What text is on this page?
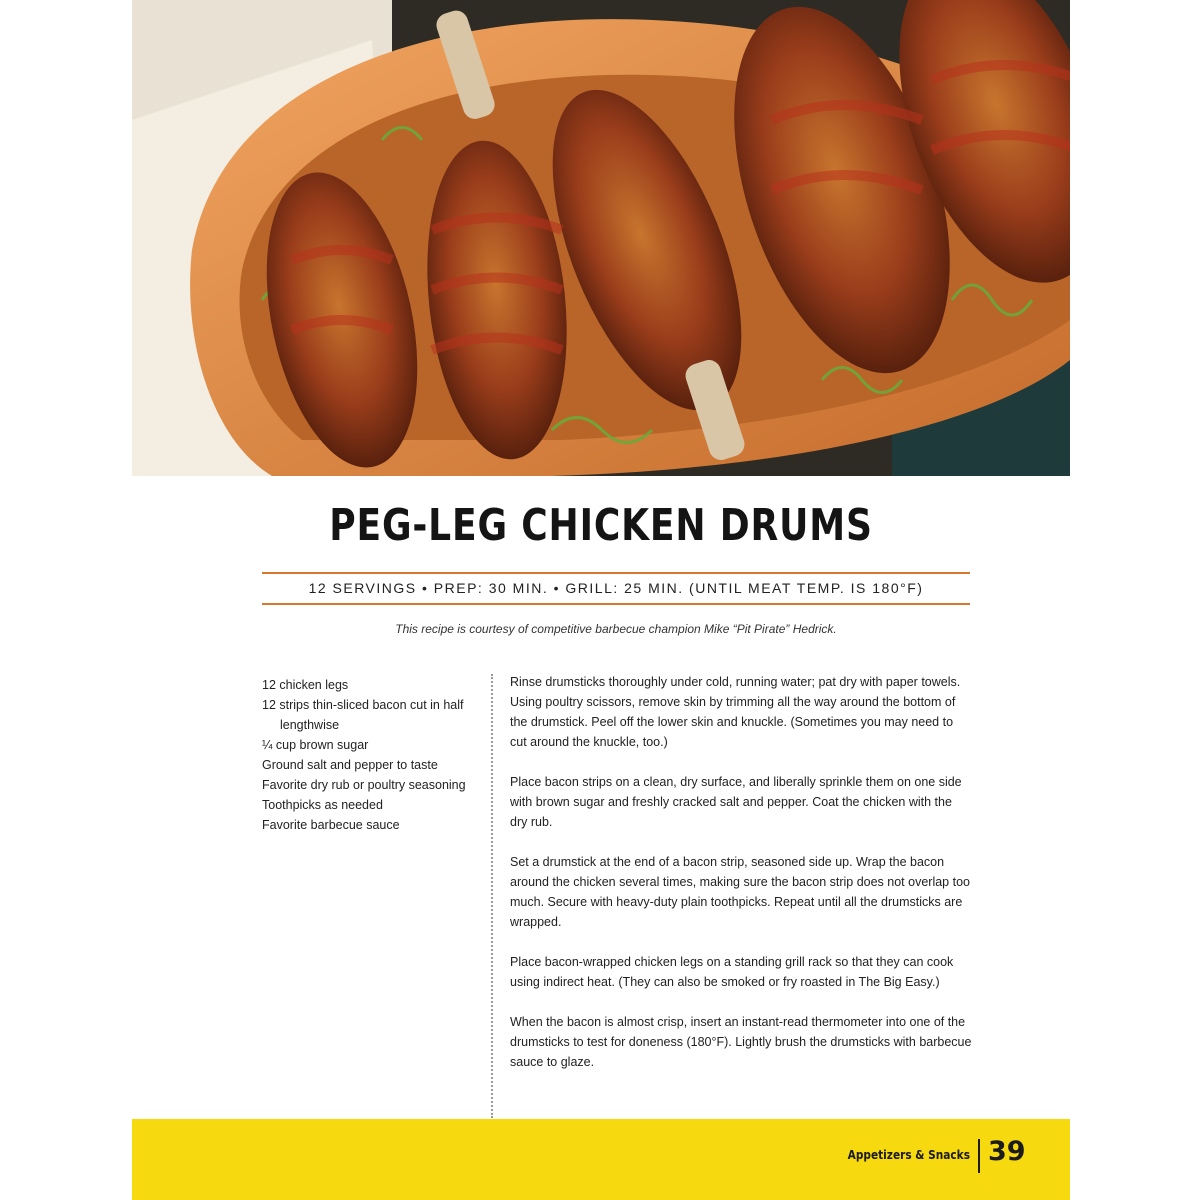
PEG-LEG CHICKEN DRUMS
12 SERVINGS • PREP: 30 MIN. • GRILL: 25 MIN. (UNTIL MEAT TEMP. IS 180°F)
This recipe is courtesy of competitive barbecue champion Mike “Pit Pirate” Hedrick.
12 chicken legs
12 strips thin-sliced bacon cut in half lengthwise
¼ cup brown sugar
Ground salt and pepper to taste
Favorite dry rub or poultry seasoning
Toothpicks as needed
Favorite barbecue sauce

Rinse drumsticks thoroughly under cold, running water; pat dry with paper towels. Using poultry scissors, remove skin by trimming all the way around the bottom of the drumstick. Peel off the lower skin and knuckle. (Sometimes you may need to cut around the knuckle, too.)

Place bacon strips on a clean, dry surface, and liberally sprinkle them on one side with brown sugar and freshly cracked salt and pepper. Coat the chicken with the dry rub.

Set a drumstick at the end of a bacon strip, seasoned side up. Wrap the bacon around the chicken several times, making sure the bacon strip does not overlap too much. Secure with heavy-duty plain toothpicks. Repeat until all the drumsticks are wrapped.

Place bacon-wrapped chicken legs on a standing grill rack so that they can cook using indirect heat. (They can also be smoked or fry roasted in The Big Easy.)

When the bacon is almost crisp, insert an instant-read thermometer into one of the drumsticks to test for doneness (180°F). Lightly brush the drumsticks with barbecue sauce to glaze.

Appetizers & Snacks 39
